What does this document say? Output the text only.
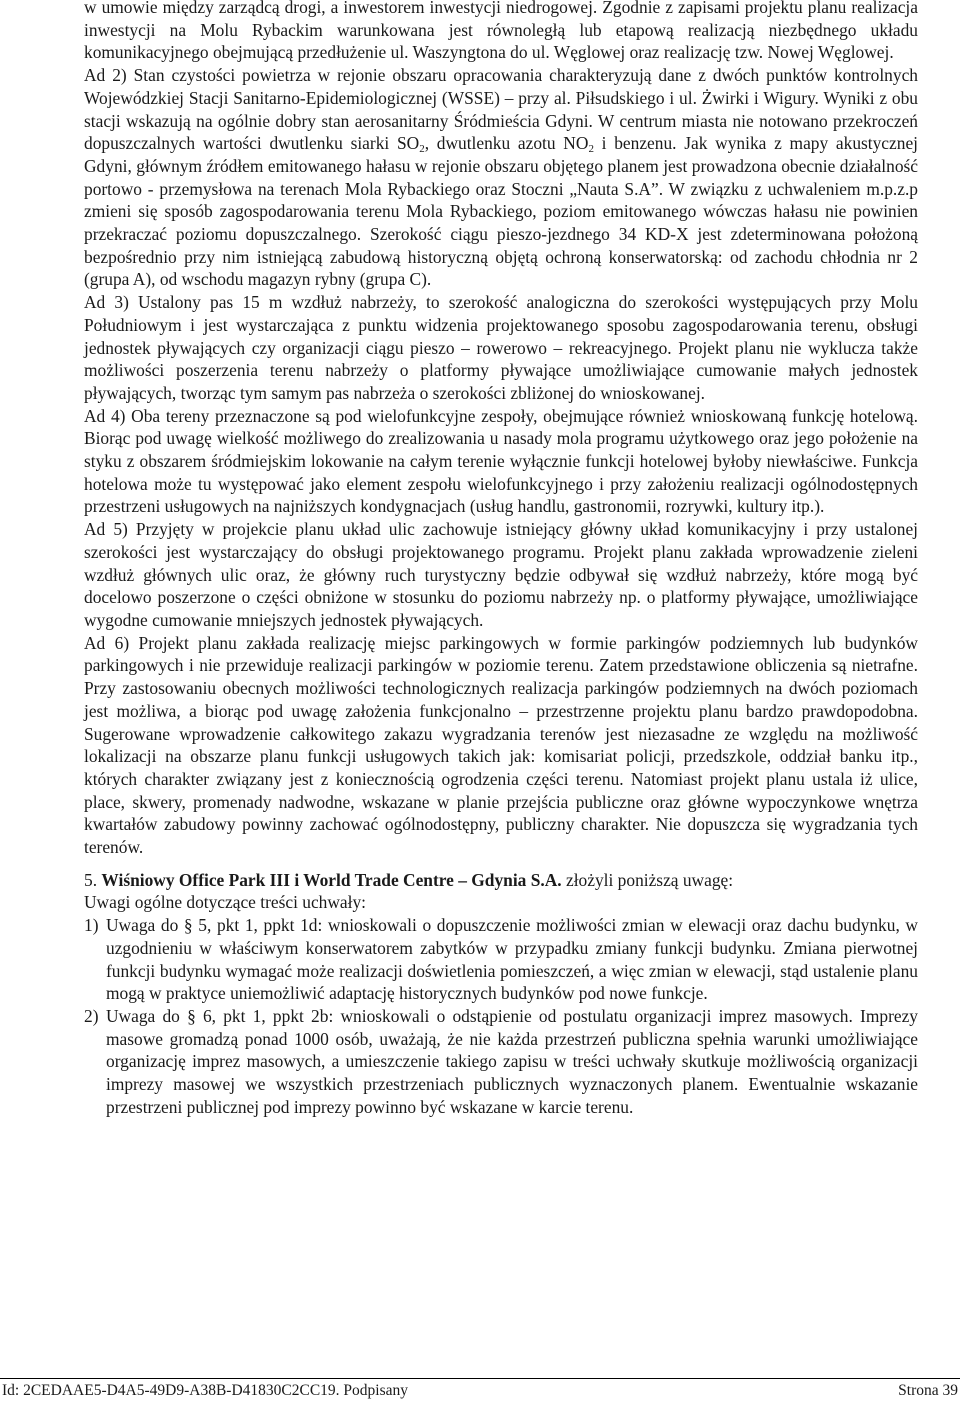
w umowie między zarządcą drogi, a inwestorem inwestycji niedrogowej. Zgodnie z zapisami projektu planu realizacja inwestycji na Molu Rybackim warunkowana jest równoległą lub etapową realizacją niezbędnego układu komunikacyjnego obejmującą przedłużenie ul. Waszyngtona do ul. Węglowej oraz realizację tzw. Nowej Węglowej.

Ad 2) Stan czystości powietrza w rejonie obszaru opracowania charakteryzują dane z dwóch punktów kontrolnych Wojewódzkiej Stacji Sanitarno-Epidemiologicznej (WSSE) – przy al. Piłsudskiego i ul. Żwirki i Wigury. Wyniki z obu stacji wskazują na ogólnie dobry stan aerosanitarny Śródmieścia Gdyni. W centrum miasta nie notowano przekroczeń dopuszczalnych wartości dwutlenku siarki $SO_2$, dwutlenku azotu $NO_2$ i benzenu. Jak wynika z mapy akustycznej Gdyni, głównym źródłem emitowanego hałasu w rejonie obszaru objętego planem jest prowadzona obecnie działalność portowo - przemysłowa na terenach Mola Rybackiego oraz Stoczni „Nauta S.A”. W związku z uchwaleniem m.p.z.p zmieni się sposób zagospodarowania terenu Mola Rybackiego, poziom emitowanego wówczas hałasu nie powinien przekraczać poziomu dopuszczalnego. Szerokość ciągu pieszo-jezdnego 34 KD-X jest zdeterminowana położoną bezpośrednio przy nim istniejącą zabudową historyczną objętą ochroną konserwatorską: od zachodu chłodnia nr 2 (grupa A), od wschodu magazyn rybny (grupa C).

Ad 3) Ustalony pas 15 m wzdłuż nabrzeży, to szerokość analogiczna do szerokości występujących przy Molu Południowym i jest wystarczająca z punktu widzenia projektowanego sposobu zagospodarowania terenu, obsługi jednostek pływających czy organizacji ciągu pieszo – rowerowo – rekreacyjnego. Projekt planu nie wyklucza także możliwości poszerzenia terenu nabrzeży o platformy pływające umożliwiające cumowanie małych jednostek pływających, tworząc tym samym pas nabrzeża o szerokości zbliżonej do wnioskowanej.

Ad 4) Oba tereny przeznaczone są pod wielofunkcyjne zespoły, obejmujące również wnioskowaną funkcję hotelową. Biorąc pod uwagę wielkość możliwego do zrealizowania u nasady mola programu użytkowego oraz jego położenie na styku z obszarem śródmiejskim lokowanie na całym terenie wyłącznie funkcji hotelowej byłoby niewłaściwe. Funkcja hotelowa może tu występować jako element zespołu wielofunkcyjnego i przy założeniu realizacji ogólnodostępnych przestrzeni usługowych na najniższych kondygnacjach (usług handlu, gastronomii, rozrywki, kultury itp.).

Ad 5) Przyjęty w projekcie planu układ ulic zachowuje istniejący główny układ komunikacyjny i przy ustalonej szerokości jest wystarczający do obsługi projektowanego programu. Projekt planu zakłada wprowadzenie zieleni wzdłuż głównych ulic oraz, że główny ruch turystyczny będzie odbywał się wzdłuż nabrzeży, które mogą być docelowo poszerzone o części obniżone w stosunku do poziomu nabrzeży np. o platformy pływające, umożliwiające wygodne cumowanie mniejszych jednostek pływających.

Ad 6) Projekt planu zakłada realizację miejsc parkingowych w formie parkingów podziemnych lub budynków parkingowych i nie przewiduje realizacji parkingów w poziomie terenu. Zatem przedstawione obliczenia są nietrafne. Przy zastosowaniu obecnych możliwości technologicznych realizacja parkingów podziemnych na dwóch poziomach jest możliwa, a biorąc pod uwagę założenia funkcjonalno – przestrzenne projektu planu bardzo prawdopodobna. Sugerowane wprowadzenie całkowitego zakazu wygradzania terenów jest niezasadne ze względu na możliwość lokalizacji na obszarze planu funkcji usługowych takich jak: komisariat policji, przedszkole, oddział banku itp., których charakter związany jest z koniecznością ogrodzenia części terenu. Natomiast projekt planu ustala iż ulice, place, skwery, promenady nadwodne, wskazane w planie przejścia publiczne oraz główne wypoczynkowe wnętrza kwartałów zabudowy powinny zachować ogólnodostępny, publiczny charakter. Nie dopuszcza się wygradzania tych terenów.

5. Wiśniowy Office Park III i World Trade Centre – Gdynia S.A. złożyli poniższą uwagę:

Uwagi ogólne dotyczące treści uchwały:

1) Uwaga do § 5, pkt 1, ppkt 1d: wnioskowali o dopuszczenie możliwości zmian w elewacji oraz dachu budynku, w uzgodnieniu w właściwym konserwatorem zabytków w przypadku zmiany funkcji budynku. Zmiana pierwotnej funkcji budynku wymagać może realizacji doświetlenia pomieszczeń, a więc zmian w elewacji, stąd ustalenie planu mogą w praktyce uniemożliwić adaptację historycznych budynków pod nowe funkcje.
2) Uwaga do § 6, pkt 1, ppkt 2b: wnioskowali o odstąpienie od postulatu organizacji imprez masowych. Imprezy masowe gromadzą ponad 1000 osób, uważają, że nie każda przestrzeń publiczna spełnia warunki umożliwiające organizację imprez masowych, a umieszczenie takiego zapisu w treści uchwały skutkuje możliwością organizacji imprezy masowej we wszystkich przestrzeniach publicznych wyznaczonych planem. Ewentualnie wskazanie przestrzeni publicznej pod imprezy powinno być wskazane w karcie terenu.
Id: 2CEDAAE5-D4A5-49D9-A38B-D41830C2CC19. Podpisany	Strona 39
